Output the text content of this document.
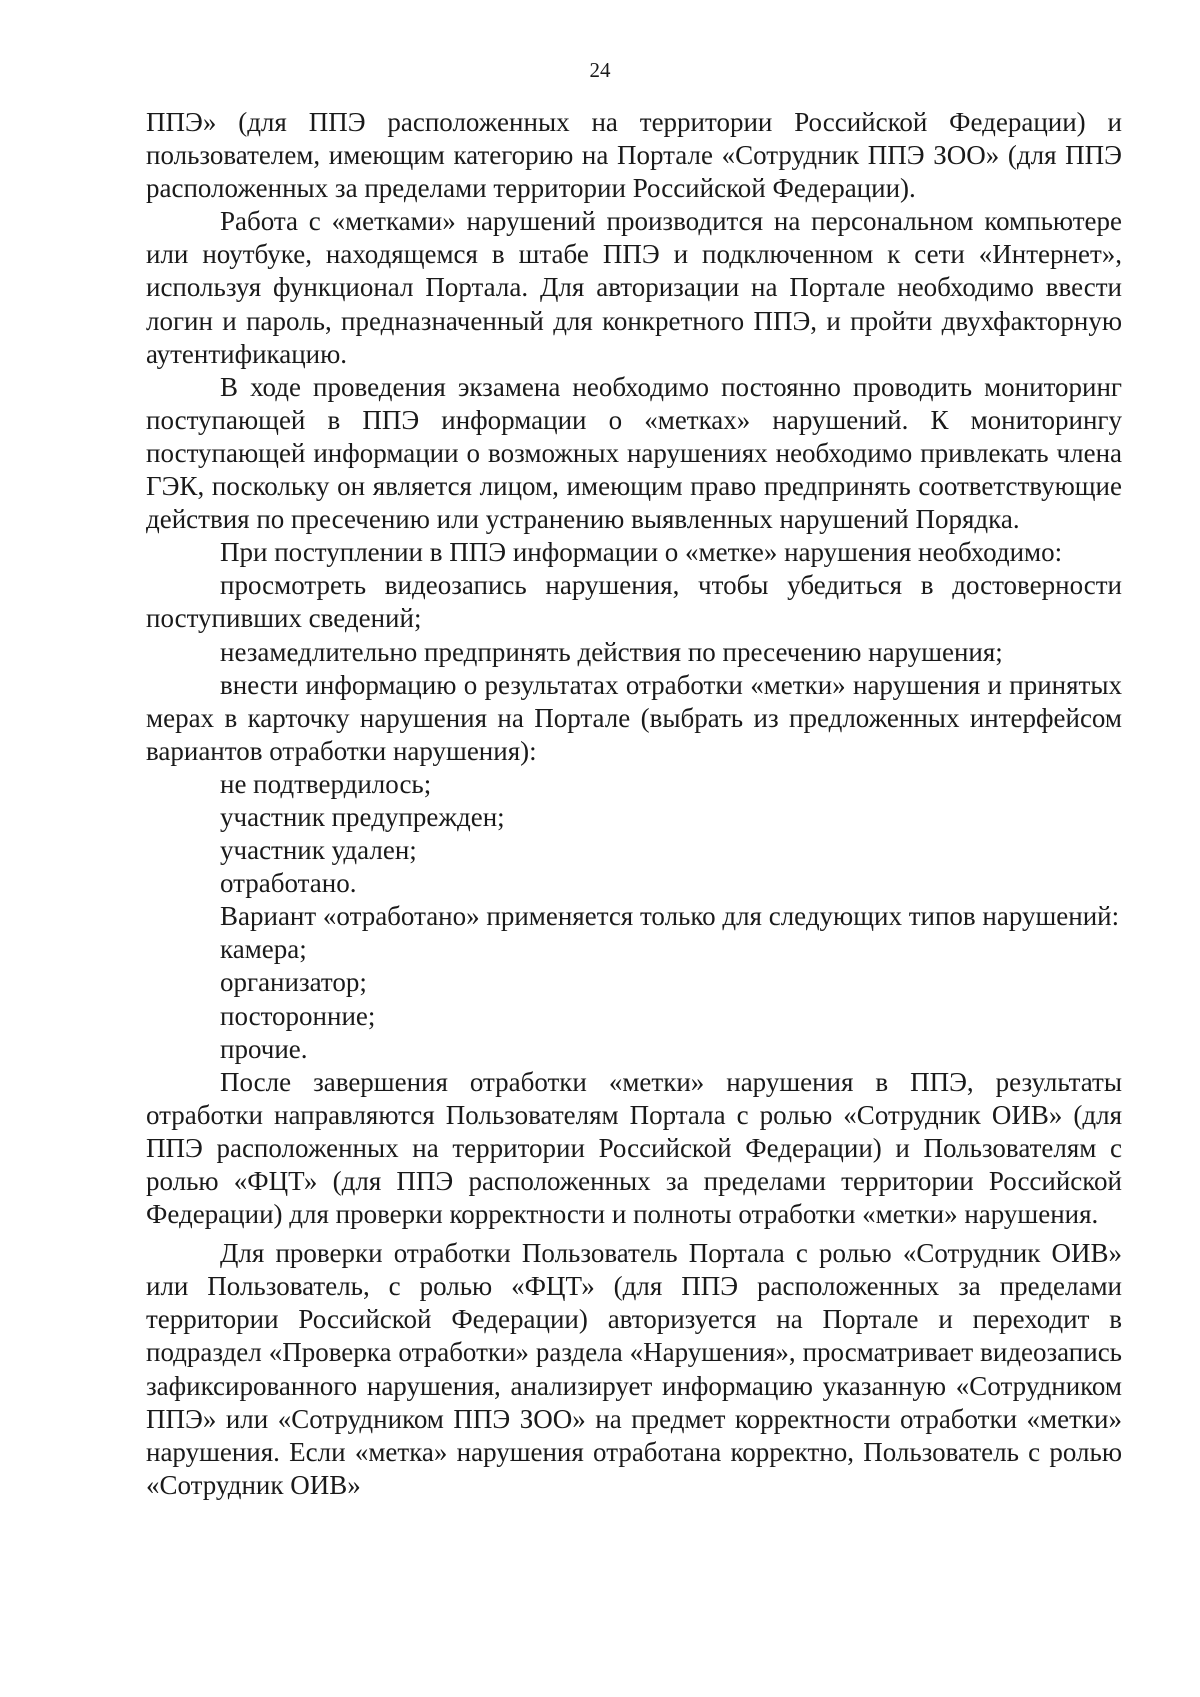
24

ППЭ» (для ППЭ расположенных на территории Российской Федерации) и пользователем, имеющим категорию на Портале «Сотрудник ППЭ ЗОО» (для ППЭ расположенных за пределами территории Российской Федерации).

Работа с «метками» нарушений производится на персональном компьютере или ноутбуке, находящемся в штабе ППЭ и подключенном к сети «Интернет», используя функционал Портала. Для авторизации на Портале необходимо ввести логин и пароль, предназначенный для конкретного ППЭ, и пройти двухфакторную аутентификацию.

В ходе проведения экзамена необходимо постоянно проводить мониторинг поступающей в ППЭ информации о «метках» нарушений. К мониторингу поступающей информации о возможных нарушениях необходимо привлекать члена ГЭК, поскольку он является лицом, имеющим право предпринять соответствующие действия по пресечению или устранению выявленных нарушений Порядка.

При поступлении в ППЭ информации о «метке» нарушения необходимо:

просмотреть видеозапись нарушения, чтобы убедиться в достоверности поступивших сведений;

незамедлительно предпринять действия по пресечению нарушения;

внести информацию о результатах отработки «метки» нарушения и принятых мерах в карточку нарушения на Портале (выбрать из предложенных интерфейсом вариантов отработки нарушения):

не подтвердилось;

участник предупрежден;

участник удален;

отработано.

Вариант «отработано» применяется только для следующих типов нарушений:

камера;

организатор;

посторонние;

прочие.

После завершения отработки «метки» нарушения в ППЭ, результаты отработки направляются Пользователям Портала с ролью «Сотрудник ОИВ» (для ППЭ расположенных на территории Российской Федерации) и Пользователям с ролью «ФЦТ» (для ППЭ расположенных за пределами территории Российской Федерации) для проверки корректности и полноты отработки «метки» нарушения.

Для проверки отработки Пользователь Портала с ролью «Сотрудник ОИВ» или Пользователь, с ролью «ФЦТ» (для ППЭ расположенных за пределами территории Российской Федерации) авторизуется на Портале и переходит в подраздел «Проверка отработки» раздела «Нарушения», просматривает видеозапись зафиксированного нарушения, анализирует информацию указанную «Сотрудником ППЭ» или «Сотрудником ППЭ ЗОО» на предмет корректности отработки «метки» нарушения. Если «метка» нарушения отработана корректно, Пользователь с ролью «Сотрудник ОИВ»
